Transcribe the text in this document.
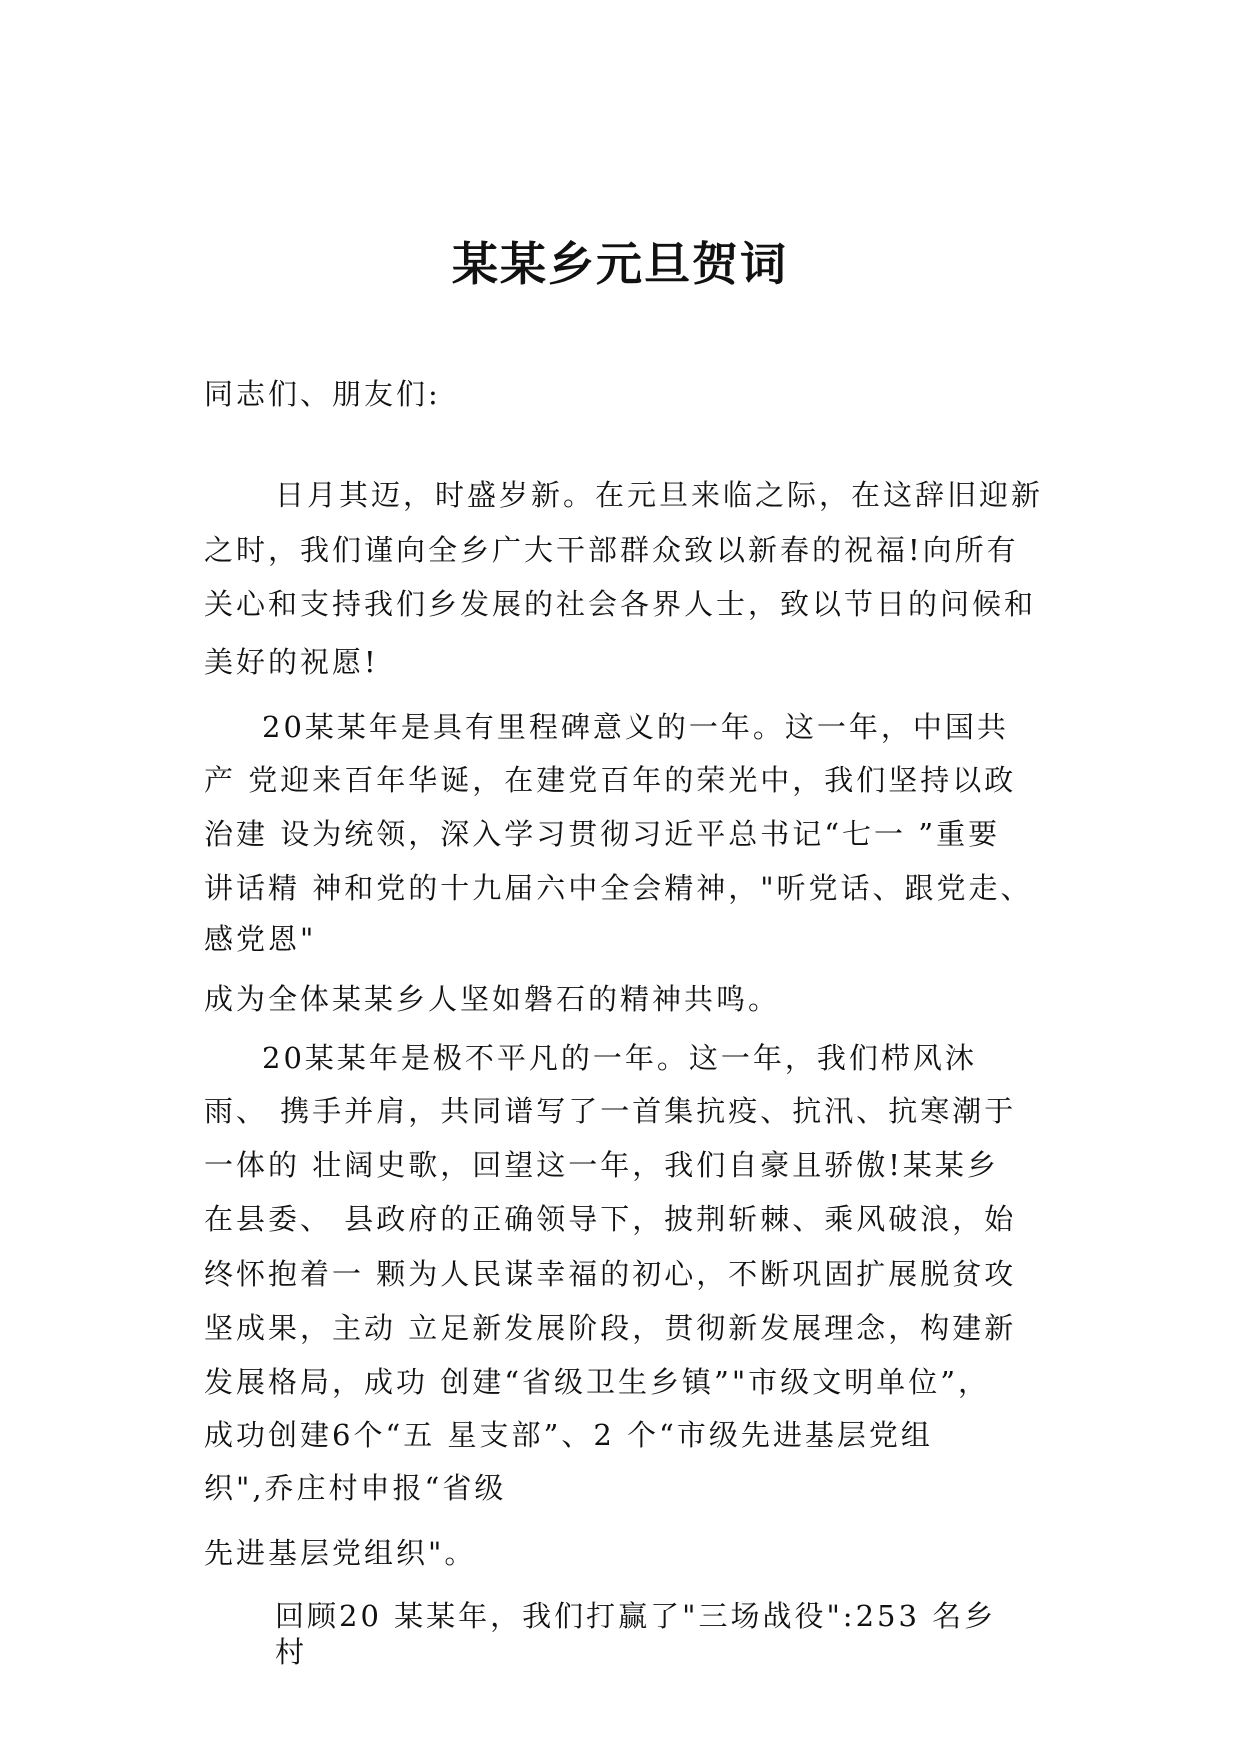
某某乡元旦贺词

同志们、朋友们:

日月其迈，时盛岁新。在元旦来临之际，在这辞旧迎新

之时，我们谨向全乡广大干部群众致以新春的祝福!向所有

关心和支持我们乡发展的社会各界人士，致以节日的问候和

美好的祝愿!

20某某年是具有里程碑意义的一年。这一年，中国共

产 党迎来百年华诞，在建党百年的荣光中，我们坚持以政

治建 设为统领，深入学习贯彻习近平总书记“七一 ”重要

讲话精 神和党的十九届六中全会精神，"听党话、跟党走、

感党恩"

成为全体某某乡人坚如磐石的精神共鸣。

20某某年是极不平凡的一年。这一年，我们栉风沐

雨、 携手并肩，共同谱写了一首集抗疫、抗汛、抗寒潮于

一体的 壮阔史歌，回望这一年，我们自豪且骄傲!某某乡

在县委、 县政府的正确领导下，披荆斩棘、乘风破浪，始

终怀抱着一 颗为人民谋幸福的初心，不断巩固扩展脱贫攻

坚成果，主动 立足新发展阶段，贯彻新发展理念，构建新

发展格局，成功 创建“省级卫生乡镇”"市级文明单位”，

成功创建6个“五 星支部”、2 个“市级先进基层党组

织",乔庄村申报“省级

先进基层党组织"。

回顾20 某某年，我们打赢了"三场战役":253 名乡

村
